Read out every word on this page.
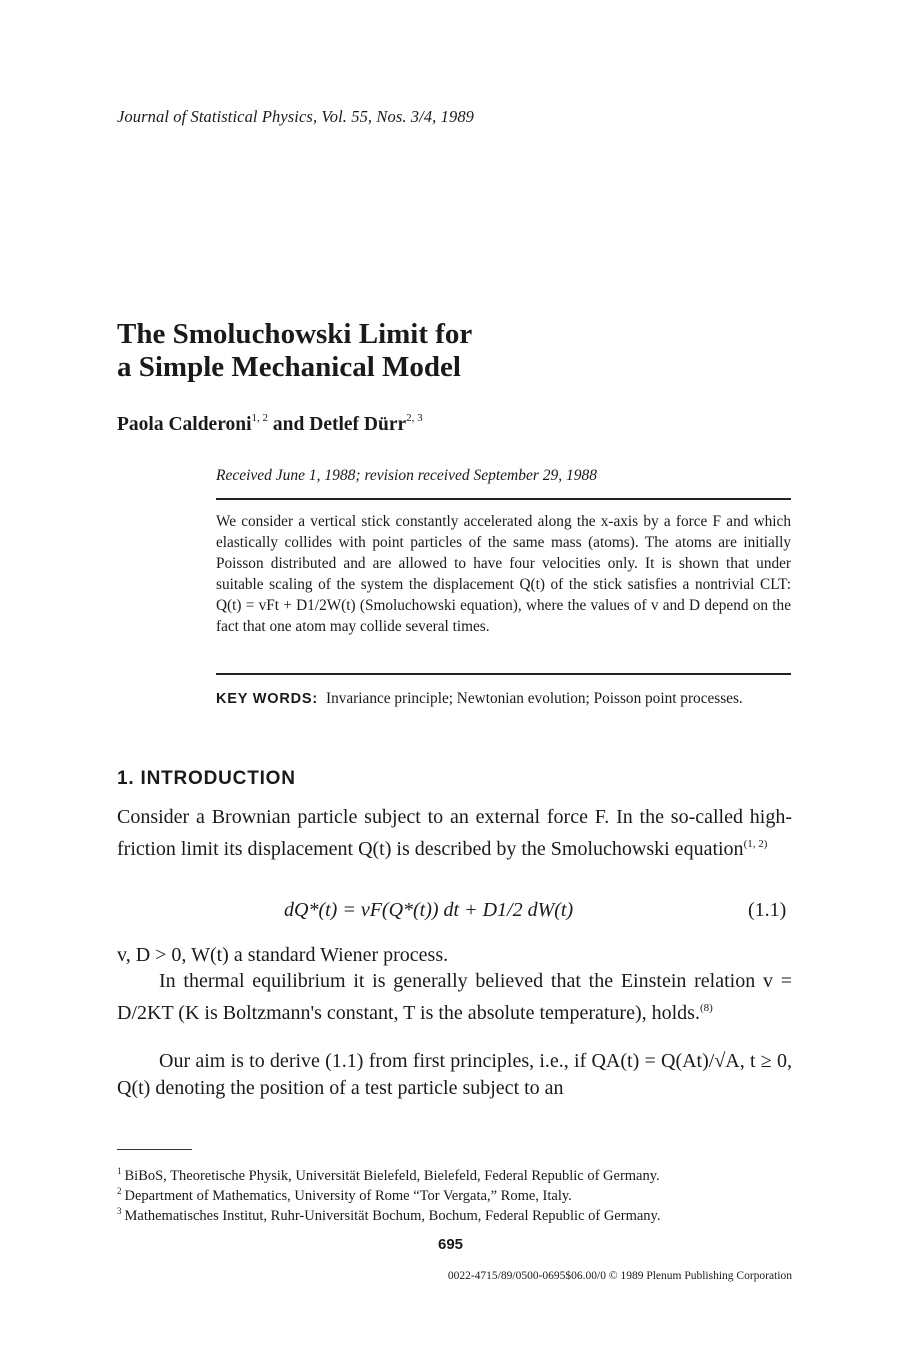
Journal of Statistical Physics, Vol. 55, Nos. 3/4, 1989
The Smoluchowski Limit for
a Simple Mechanical Model
Paola Calderoni$^{1, 2}$ and Detlef Dürr$^{2, 3}$
Received June 1, 1988; revision received September 29, 1988
We consider a vertical stick constantly accelerated along the x-axis by a force F and which elastically collides with point particles of the same mass (atoms). The atoms are initially Poisson distributed and are allowed to have four velocities only. It is shown that under suitable scaling of the system the displacement Q(t) of the stick satisfies a nontrivial CLT: Q(t) = vFt + D1/2W(t) (Smoluchowski equation), where the values of v and D depend on the fact that one atom may collide several times.
KEY WORDS: Invariance principle; Newtonian evolution; Poisson point processes.
1. INTRODUCTION
Consider a Brownian particle subject to an external force F. In the so-called high-friction limit its displacement Q(t) is described by the Smoluchowski equation$^{(1, 2)}$
dQ*(t) = vF(Q*(t)) dt + D1/2 dW(t)	(1.1)
v, D > 0, W(t) a standard Wiener process.
In thermal equilibrium it is generally believed that the Einstein relation v = D/2KT (K is Boltzmann's constant, T is the absolute temperature), holds.$^{(8)}$
Our aim is to derive (1.1) from first principles, i.e., if QA(t) = Q(At)/√A, t ≥ 0, Q(t) denoting the position of a test particle subject to an
$^1$ BiBoS, Theoretische Physik, Universität Bielefeld, Bielefeld, Federal Republic of Germany.
$^2$ Department of Mathematics, University of Rome “Tor Vergata,” Rome, Italy.
$^3$ Mathematisches Institut, Ruhr-Universität Bochum, Bochum, Federal Republic of Germany.
695
0022-4715/89/0500-0695$06.00/0 © 1989 Plenum Publishing Corporation
